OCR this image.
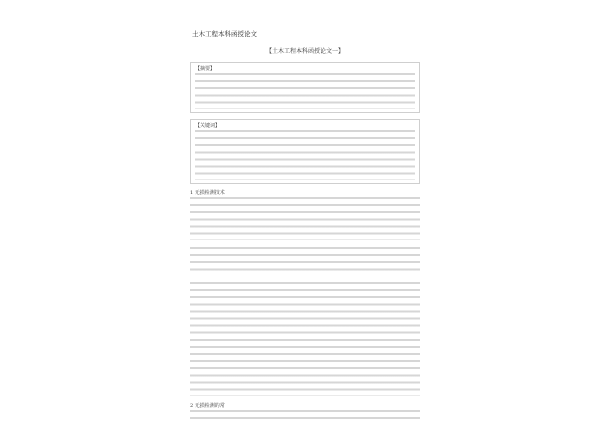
土木工程本科函授论文
【土木工程本科函授论文一】
【摘要】
【关键词】
1 无损检测技术
2 无损检测的常
